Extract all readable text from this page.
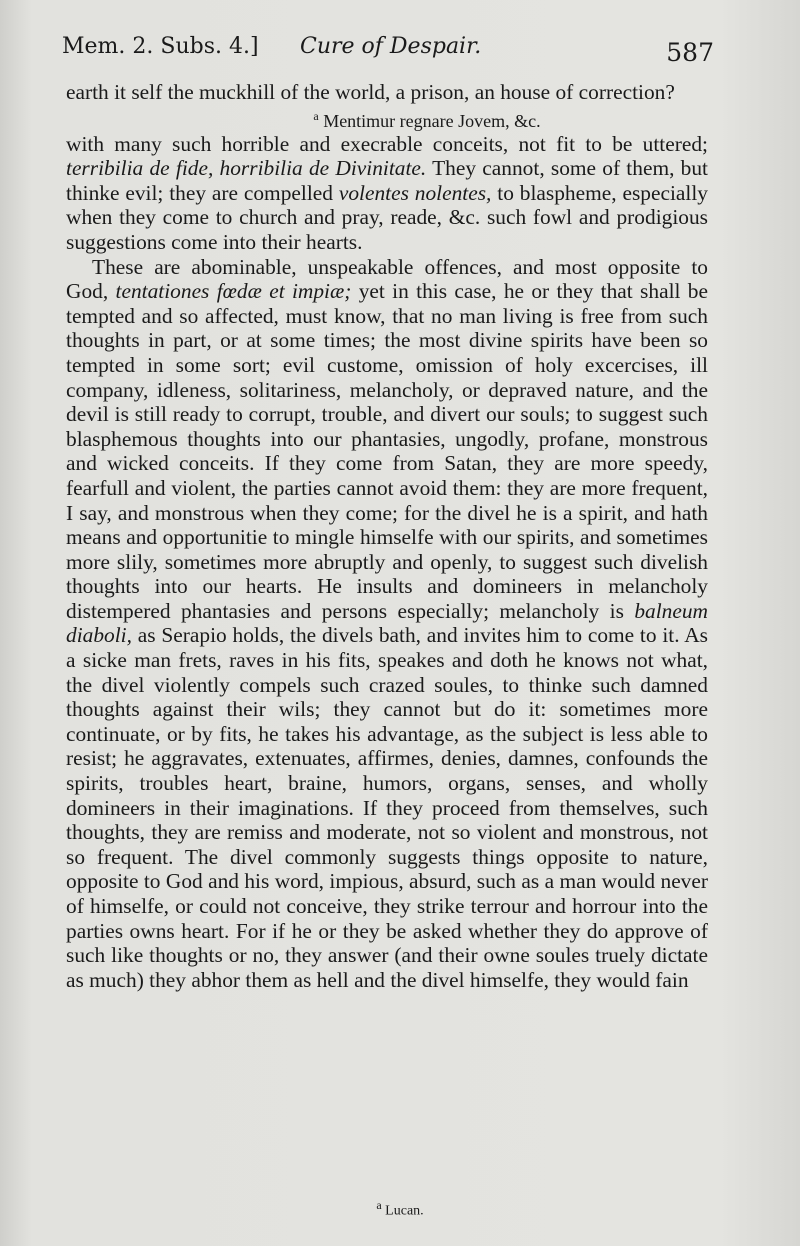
Mem. 2. Subs. 4.] Cure of Despair.	587

earth it self the muckhill of the world, a prison, an house of correction?

$^a$ Mentimur regnare Jovem, &c.

with many such horrible and execrable conceits, not fit to be uttered; terribilia de fide, horribilia de Divinitate. They cannot, some of them, but thinke evil; they are compelled volentes nolentes, to blaspheme, especially when they come to church and pray, reade, &c. such fowl and prodigious suggestions come into their hearts.

These are abominable, unspeakable offences, and most opposite to God, tentationes fœdæ et impiæ; yet in this case, he or they that shall be tempted and so affected, must know, that no man living is free from such thoughts in part, or at some times; the most divine spirits have been so tempted in some sort; evil custome, omission of holy excercises, ill company, idleness, solitariness, melancholy, or depraved nature, and the devil is still ready to corrupt, trouble, and divert our souls; to suggest such blasphemous thoughts into our phantasies, ungodly, profane, monstrous and wicked conceits. If they come from Satan, they are more speedy, fearfull and violent, the parties cannot avoid them: they are more frequent, I say, and monstrous when they come; for the divel he is a spirit, and hath means and opportunitie to mingle himselfe with our spirits, and sometimes more slily, sometimes more abruptly and openly, to suggest such divelish thoughts into our hearts. He insults and domineers in melancholy distempered phantasies and persons especially; melancholy is balneum diaboli, as Serapio holds, the divels bath, and invites him to come to it. As a sicke man frets, raves in his fits, speakes and doth he knows not what, the divel violently compels such crazed soules, to thinke such damned thoughts against their wils; they cannot but do it: sometimes more continuate, or by fits, he takes his advantage, as the subject is less able to resist; he aggravates, extenuates, affirmes, denies, damnes, confounds the spirits, troubles heart, braine, humors, organs, senses, and wholly domineers in their imaginations. If they proceed from themselves, such thoughts, they are remiss and moderate, not so violent and monstrous, not so frequent. The divel commonly suggests things opposite to nature, opposite to God and his word, impious, absurd, such as a man would never of himselfe, or could not conceive, they strike terrour and horrour into the parties owns heart. For if he or they be asked whether they do approve of such like thoughts or no, they answer (and their owne soules truely dictate as much) they abhor them as hell and the divel himselfe, they would fain

$^a$ Lucan.
